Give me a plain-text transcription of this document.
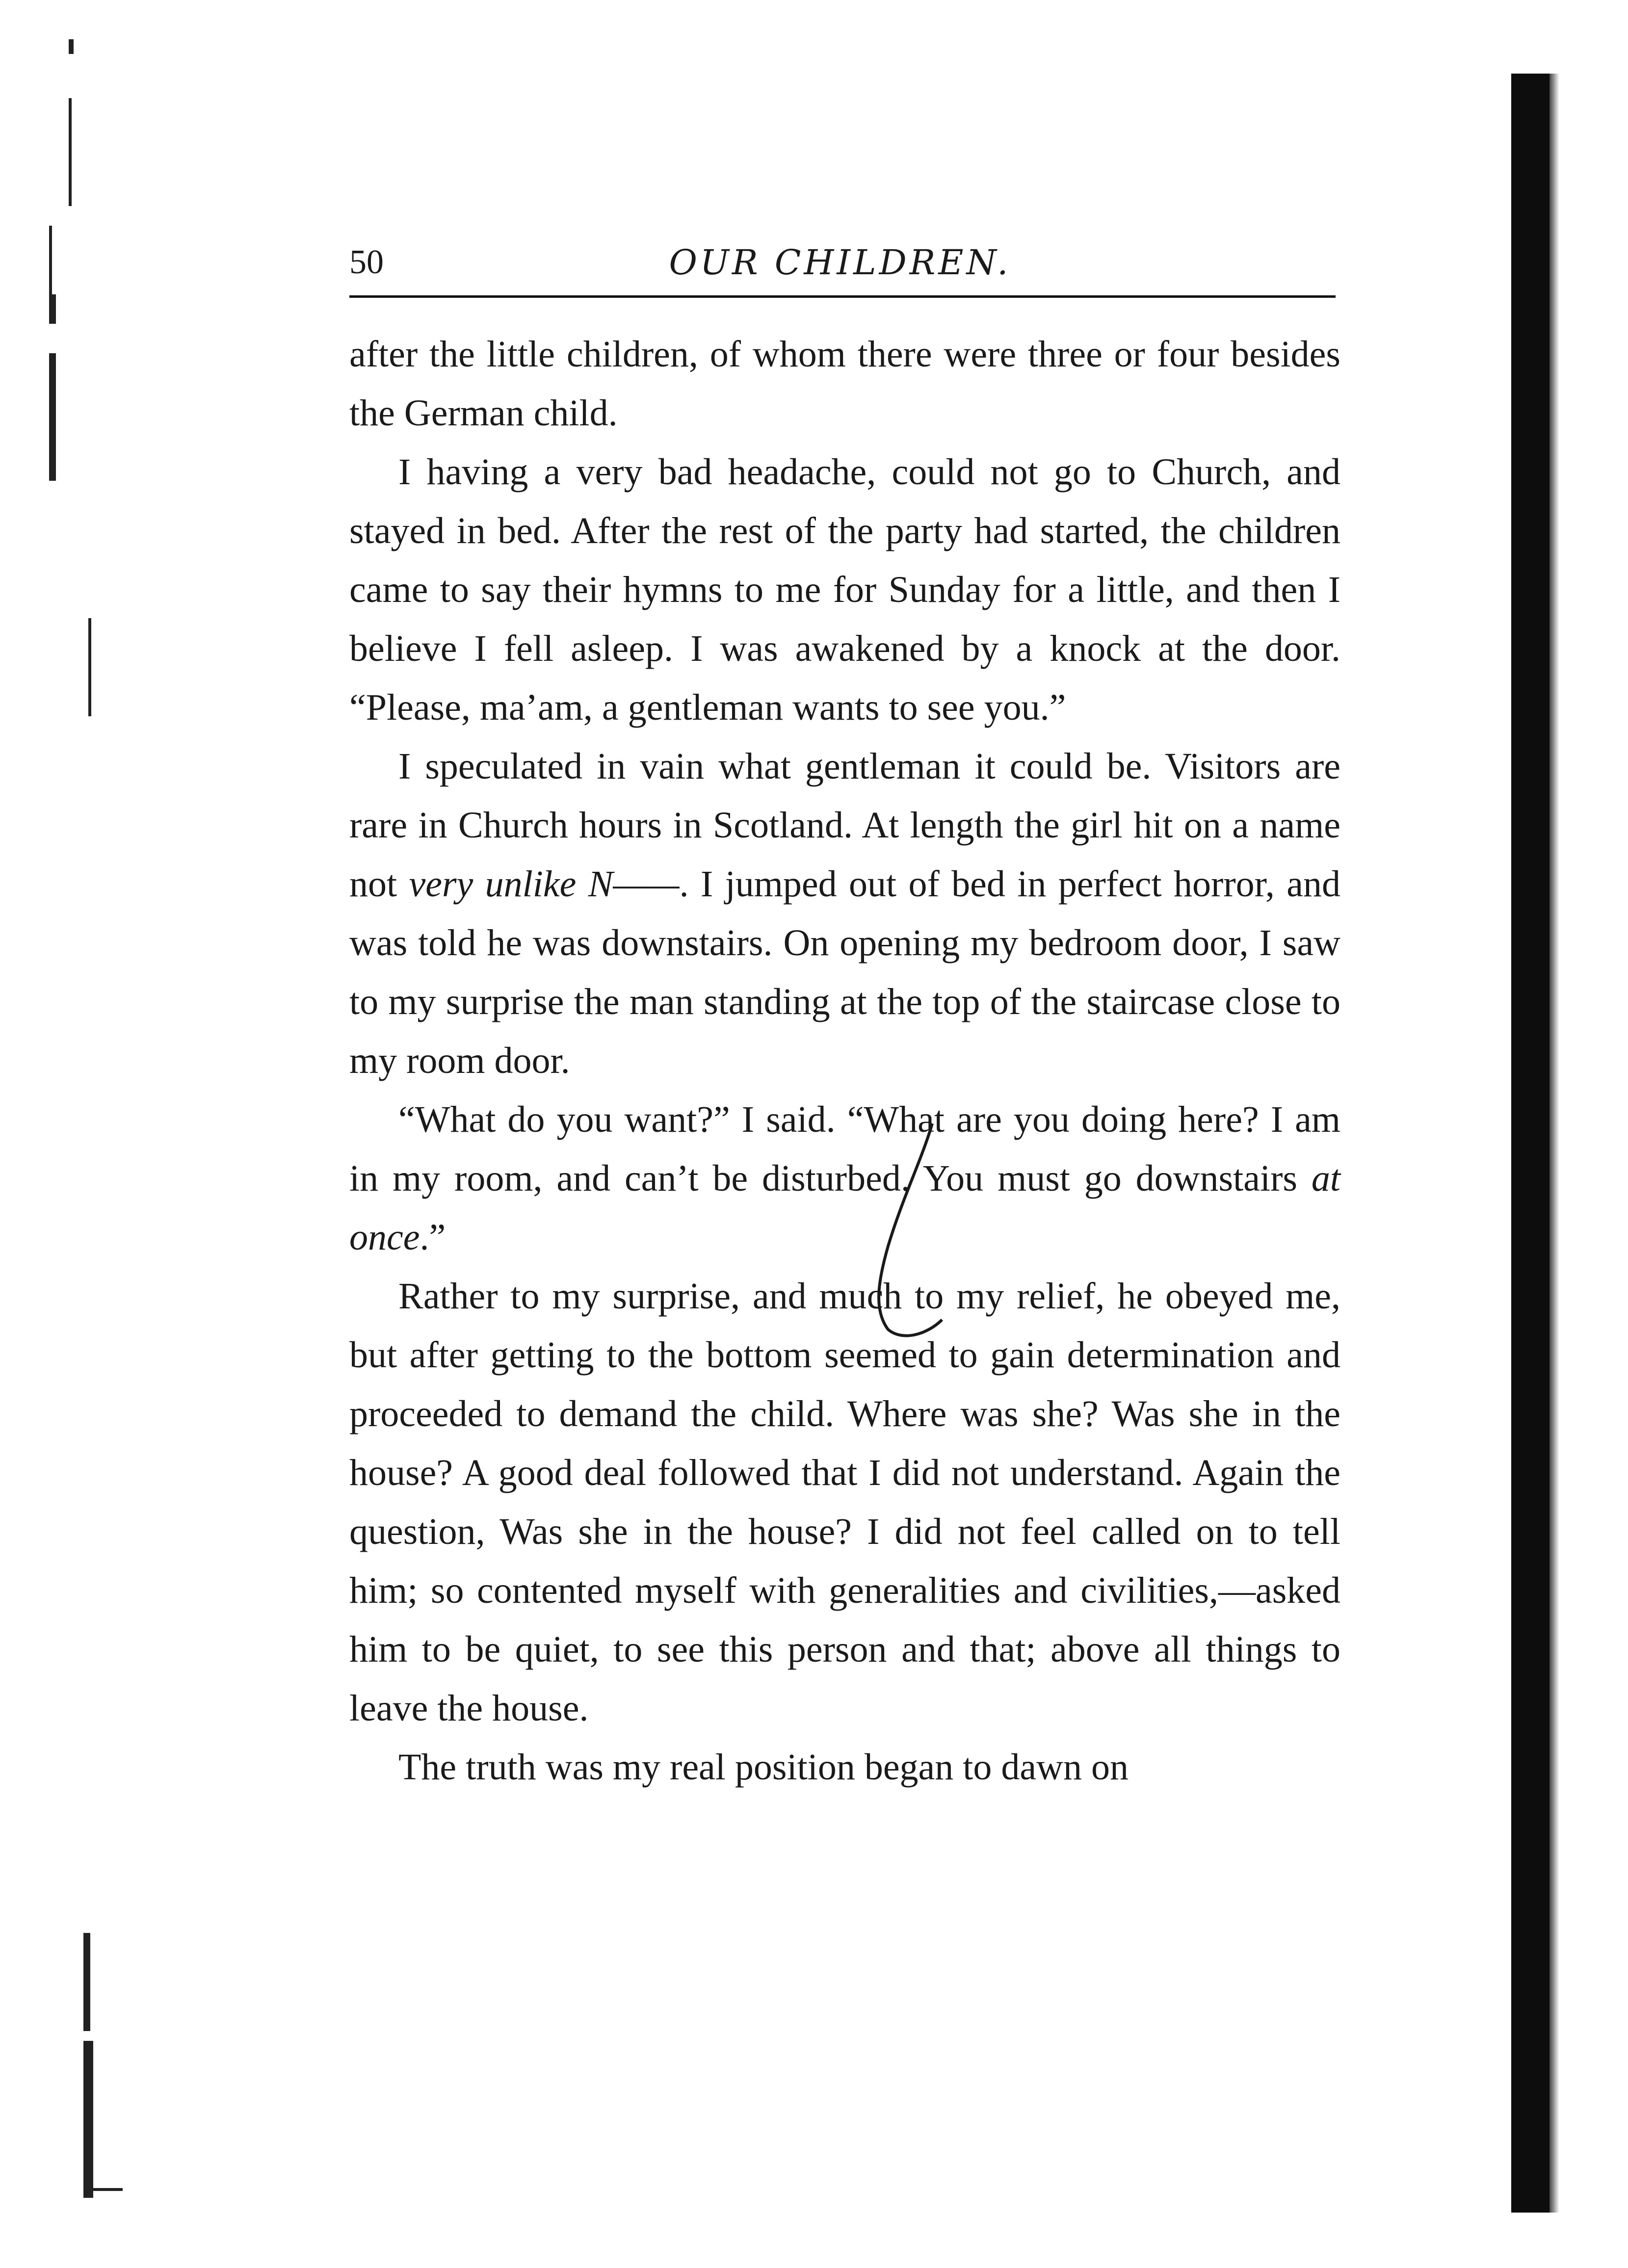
50	OUR CHILDREN.

after the little children, of whom there were three or four besides the German child.

I having a very bad headache, could not go to Church, and stayed in bed. After the rest of the party had started, the children came to say their hymns to me for Sunday for a little, and then I believe I fell asleep. I was awakened by a knock at the door. “Please, ma’am, a gentleman wants to see you.”

I speculated in vain what gentleman it could be. Visitors are rare in Church hours in Scotland. At length the girl hit on a name not very unlike N——. I jumped out of bed in perfect horror, and was told he was downstairs. On opening my bedroom door, I saw to my surprise the man standing at the top of the staircase close to my room door.

“What do you want?” I said. “What are you doing here? I am in my room, and can’t be disturbed. You must go downstairs at once.”

Rather to my surprise, and much to my relief, he obeyed me, but after getting to the bottom seemed to gain determination and proceeded to demand the child. Where was she? Was she in the house? A good deal followed that I did not understand. Again the question, Was she in the house? I did not feel called on to tell him; so contented myself with generalities and civilities,—asked him to be quiet, to see this person and that; above all things to leave the house.

The truth was my real position began to dawn on
